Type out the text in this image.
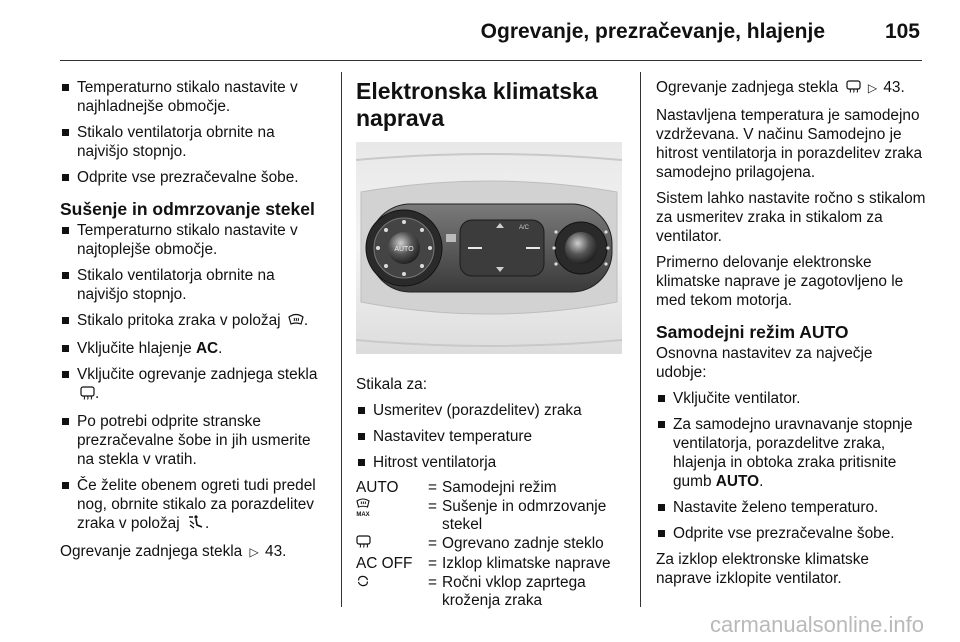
Ogrevanje, prezračevanje, hlajenje	105
Temperaturno stikalo nastavite v najhladnejše območje.
Stikalo ventilatorja obrnite na najvišjo stopnjo.
Odprite vse prezračevalne šobe.
Sušenje in odmrzovanje stekel
Temperaturno stikalo nastavite v najtoplejše območje.
Stikalo ventilatorja obrnite na najvišjo stopnjo.
Stikalo pritoka zraka v položaj .
Vključite hlajenje AC.
Vključite ogrevanje zadnjega stekla .
Po potrebi odprite stranske prezračevalne šobe in jih usmerite na stekla v vratih.
Če želite obenem ogreti tudi predel nog, obrnite stikalo za porazdelitev zraka v položaj .

Ogrevanje zadnjega stekla ▷ 43.

Elektronska klimatska naprava
AUTO
A/C

Stikala za:

Usmeritev (porazdelitev) zraka
Nastavitev temperature
Hitrost ventilatorja
AUTO	=	Samodejni režim

MAX	=	Sušenje in odmrzovanje stekel
	=	Ogrevano zadnje steklo
AC OFF	=	Izklop klimatske naprave
	=	Ročni vklop zaprtega kroženja zraka

Ogrevanje zadnjega stekla ▷ 43.

Nastavljena temperatura je samodejno vzdrževana. V načinu Samodejno je hitrost ventilatorja in porazdelitev zraka samodejno prilagojena.

Sistem lahko nastavite ročno s stikalom za usmeritev zraka in stikalom za ventilator.

Primerno delovanje elektronske klimatske naprave je zagotovljeno le med tekom motorja.

Samodejni režim AUTO

Osnovna nastavitev za največje udobje:

Vključite ventilator.
Za samodejno uravnavanje stopnje ventilatorja, porazdelitve zraka, hlajenja in obtoka zraka pritisnite gumb AUTO.
Nastavite želeno temperaturo.
Odprite vse prezračevalne šobe.

Za izklop elektronske klimatske naprave izklopite ventilator.

carmanualsonline.info
